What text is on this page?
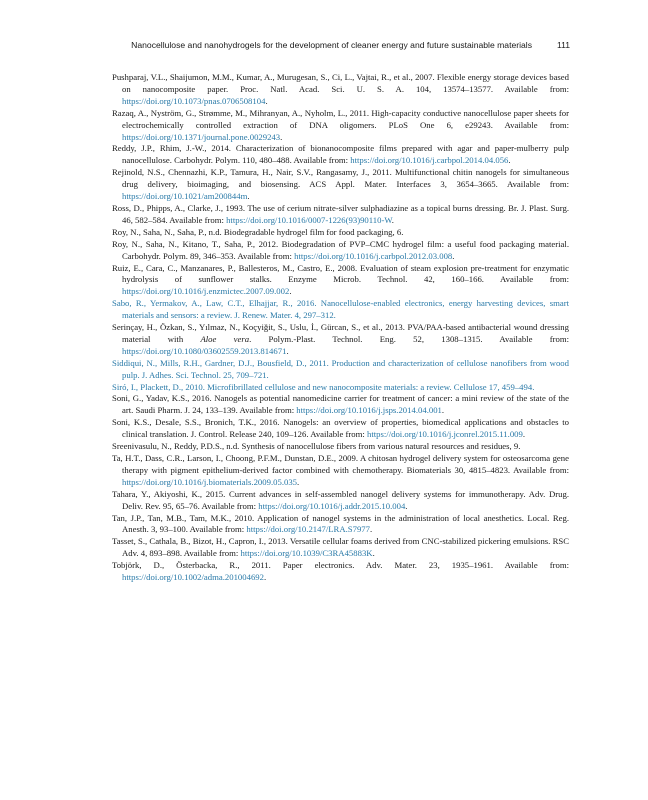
Nanocellulose and nanohydrogels for the development of cleaner energy and future sustainable materials	111

Pushparaj, V.L., Shaijumon, M.M., Kumar, A., Murugesan, S., Ci, L., Vajtai, R., et al., 2007. Flexible energy storage devices based on nanocomposite paper. Proc. Natl. Acad. Sci. U. S. A. 104, 13574–13577. Available from: https://doi.org/10.1073/pnas.0706508104.

Razaq, A., Nyström, G., Strømme, M., Mihranyan, A., Nyholm, L., 2011. High-capacity conductive nanocellulose paper sheets for electrochemically controlled extraction of DNA oligomers. PLoS One 6, e29243. Available from: https://doi.org/10.1371/journal.pone.0029243.

Reddy, J.P., Rhim, J.-W., 2014. Characterization of bionanocomposite films prepared with agar and paper-mulberry pulp nanocellulose. Carbohydr. Polym. 110, 480–488. Available from: https://doi.org/10.1016/j.carbpol.2014.04.056.

Rejinold, N.S., Chennazhi, K.P., Tamura, H., Nair, S.V., Rangasamy, J., 2011. Multifunctional chitin nanogels for simultaneous drug delivery, bioimaging, and biosensing. ACS Appl. Mater. Interfaces 3, 3654–3665. Available from: https://doi.org/10.1021/am200844m.

Ross, D., Phipps, A., Clarke, J., 1993. The use of cerium nitrate-silver sulphadiazine as a topical burns dressing. Br. J. Plast. Surg. 46, 582–584. Available from: https://doi.org/10.1016/0007-1226(93)90110-W.

Roy, N., Saha, N., Saha, P., n.d. Biodegradable hydrogel film for food packaging, 6.

Roy, N., Saha, N., Kitano, T., Saha, P., 2012. Biodegradation of PVP–CMC hydrogel film: a useful food packaging material. Carbohydr. Polym. 89, 346–353. Available from: https://doi.org/10.1016/j.carbpol.2012.03.008.

Ruiz, E., Cara, C., Manzanares, P., Ballesteros, M., Castro, E., 2008. Evaluation of steam explosion pre-treatment for enzymatic hydrolysis of sunflower stalks. Enzyme Microb. Technol. 42, 160–166. Available from: https://doi.org/10.1016/j.enzmictec.2007.09.002.

Sabo, R., Yermakov, A., Law, C.T., Elhajjar, R., 2016. Nanocellulose-enabled electronics, energy harvesting devices, smart materials and sensors: a review. J. Renew. Mater. 4, 297–312.

Serinçay, H., Özkan, S., Yılmaz, N., Koçyiğit, S., Uslu, İ., Gürcan, S., et al., 2013. PVA/PAA-based antibacterial wound dressing material with Aloe vera. Polym.-Plast. Technol. Eng. 52, 1308–1315. Available from: https://doi.org/10.1080/03602559.2013.814671.

Siddiqui, N., Mills, R.H., Gardner, D.J., Bousfield, D., 2011. Production and characterization of cellulose nanofibers from wood pulp. J. Adhes. Sci. Technol. 25, 709–721.

Siró, I., Plackett, D., 2010. Microfibrillated cellulose and new nanocomposite materials: a review. Cellulose 17, 459–494.

Soni, G., Yadav, K.S., 2016. Nanogels as potential nanomedicine carrier for treatment of cancer: a mini review of the state of the art. Saudi Pharm. J. 24, 133–139. Available from: https://doi.org/10.1016/j.jsps.2014.04.001.

Soni, K.S., Desale, S.S., Bronich, T.K., 2016. Nanogels: an overview of properties, biomedical applications and obstacles to clinical translation. J. Control. Release 240, 109–126. Available from: https://doi.org/10.1016/j.jconrel.2015.11.009.

Sreenivasulu, N., Reddy, P.D.S., n.d. Synthesis of nanocellulose fibers from various natural resources and residues, 9.

Ta, H.T., Dass, C.R., Larson, I., Choong, P.F.M., Dunstan, D.E., 2009. A chitosan hydrogel delivery system for osteosarcoma gene therapy with pigment epithelium-derived factor combined with chemotherapy. Biomaterials 30, 4815–4823. Available from: https://doi.org/10.1016/j.biomaterials.2009.05.035.

Tahara, Y., Akiyoshi, K., 2015. Current advances in self-assembled nanogel delivery systems for immunotherapy. Adv. Drug. Deliv. Rev. 95, 65–76. Available from: https://doi.org/10.1016/j.addr.2015.10.004.

Tan, J.P., Tan, M.B., Tam, M.K., 2010. Application of nanogel systems in the administration of local anesthetics. Local. Reg. Anesth. 3, 93–100. Available from: https://doi.org/10.2147/LRA.S7977.

Tasset, S., Cathala, B., Bizot, H., Capron, I., 2013. Versatile cellular foams derived from CNC-stabilized pickering emulsions. RSC Adv. 4, 893–898. Available from: https://doi.org/10.1039/C3RA45883K.

Tobjörk, D., Österbacka, R., 2011. Paper electronics. Adv. Mater. 23, 1935–1961. Available from: https://doi.org/10.1002/adma.201004692.
